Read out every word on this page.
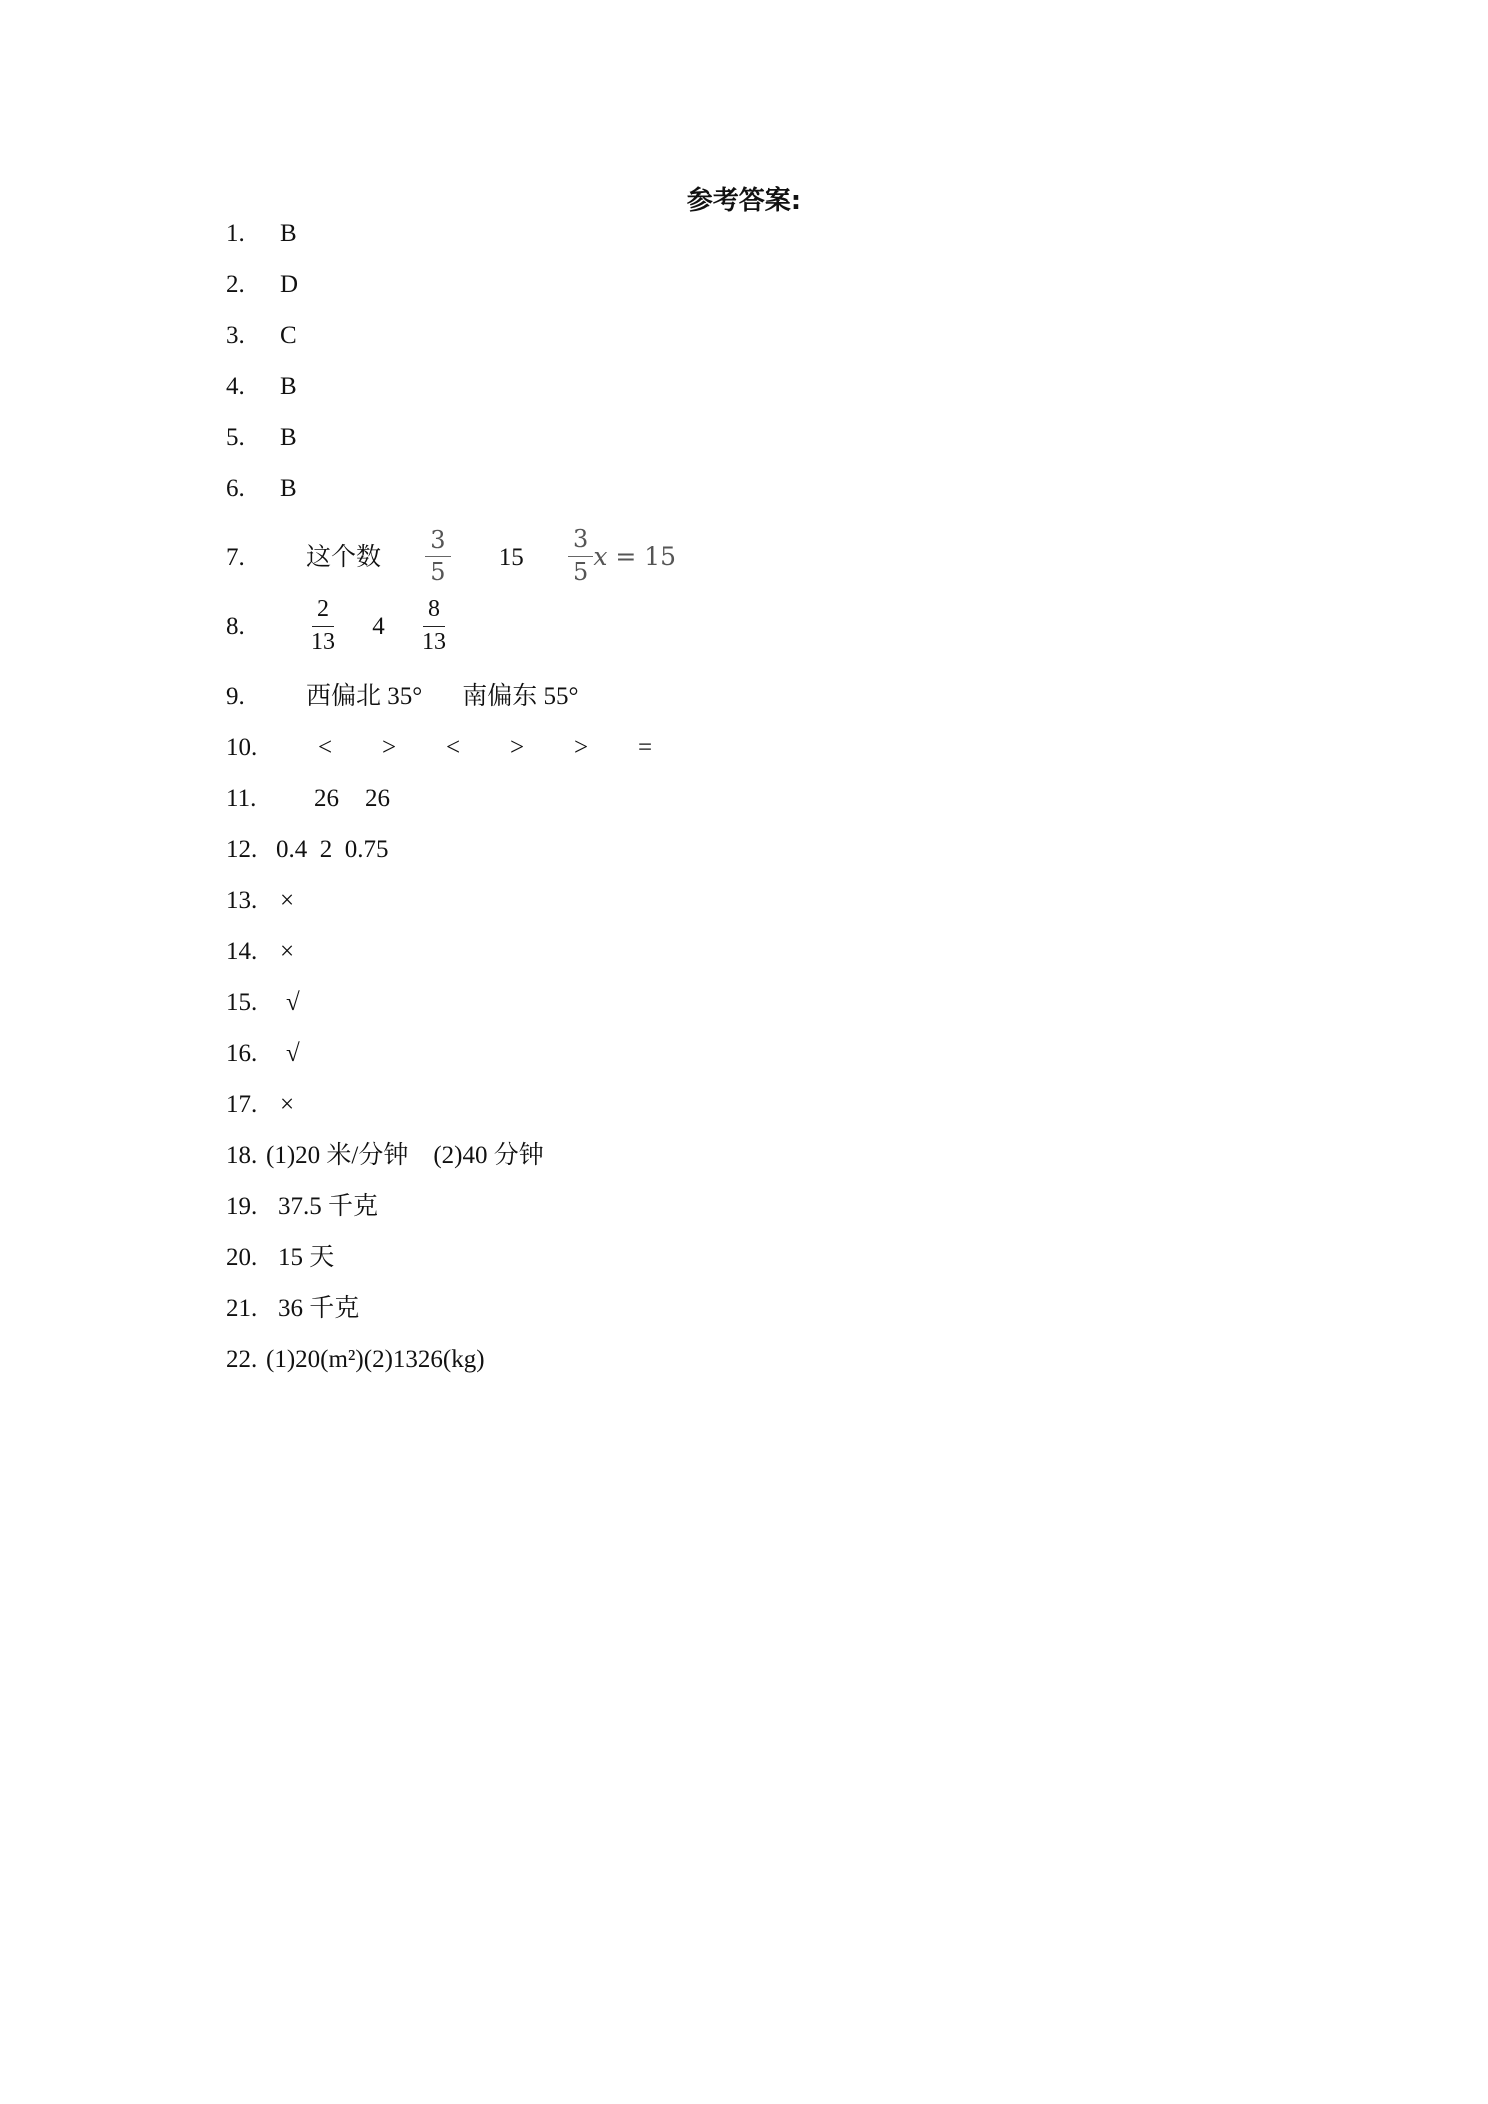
参考答案:
1. B
2. D
3. C
4. B
5. B
6. B
7. 这个数 $\frac{3}{5} 15 \frac{3}{5}$ x = 15
8.	$\frac{2}{13} 4 \frac{8}{13}$
9. 西偏北 35° 南偏东 55°
10. < > < > > =
11. 26 26
12. 0.4  2  0.75
13. ×
14. ×
15. √
16. √
17. ×
18. (1)20 米/分钟    (2)40 分钟
19. 37.5 千克
20. 15 天
21. 36 千克
22. (1)20(m²)(2)1326(kg)
